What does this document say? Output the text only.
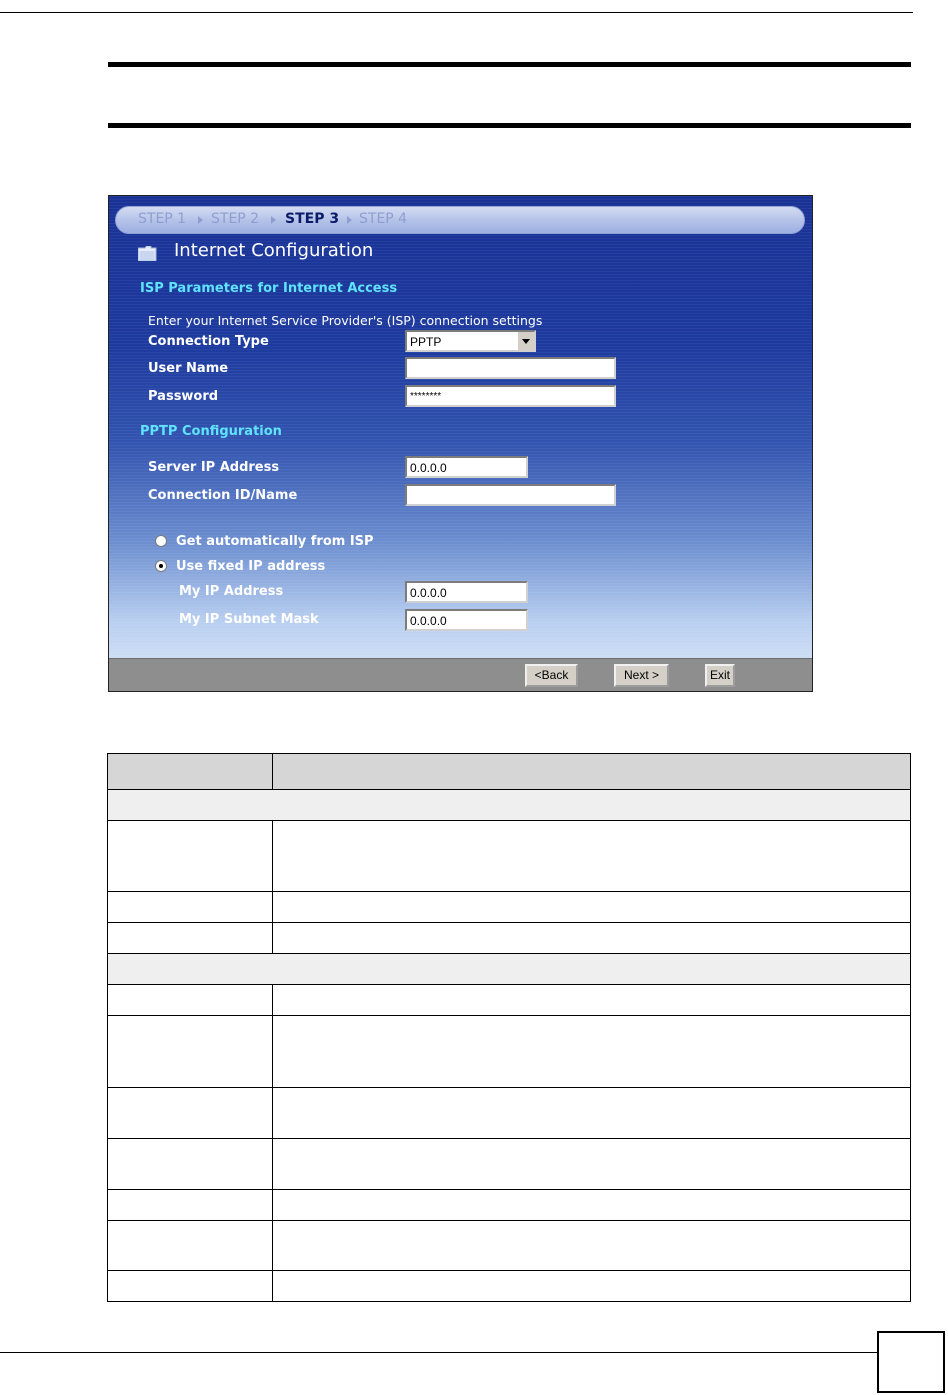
STEP 1 STEP 2 STEP 3 STEP 4
Internet Configuration
ISP Parameters for Internet Access
Enter your Internet Service Provider's (ISP) connection settings
Connection Type	PPTP
User Name
Password	********
PPTP Configuration
Server IP Address	0.0.0.0
Connection ID/Name
Get automatically from ISP
Use fixed IP address
My IP Address	0.0.0.0
My IP Subnet Mask	0.0.0.0
<Back	Next >	Exit
